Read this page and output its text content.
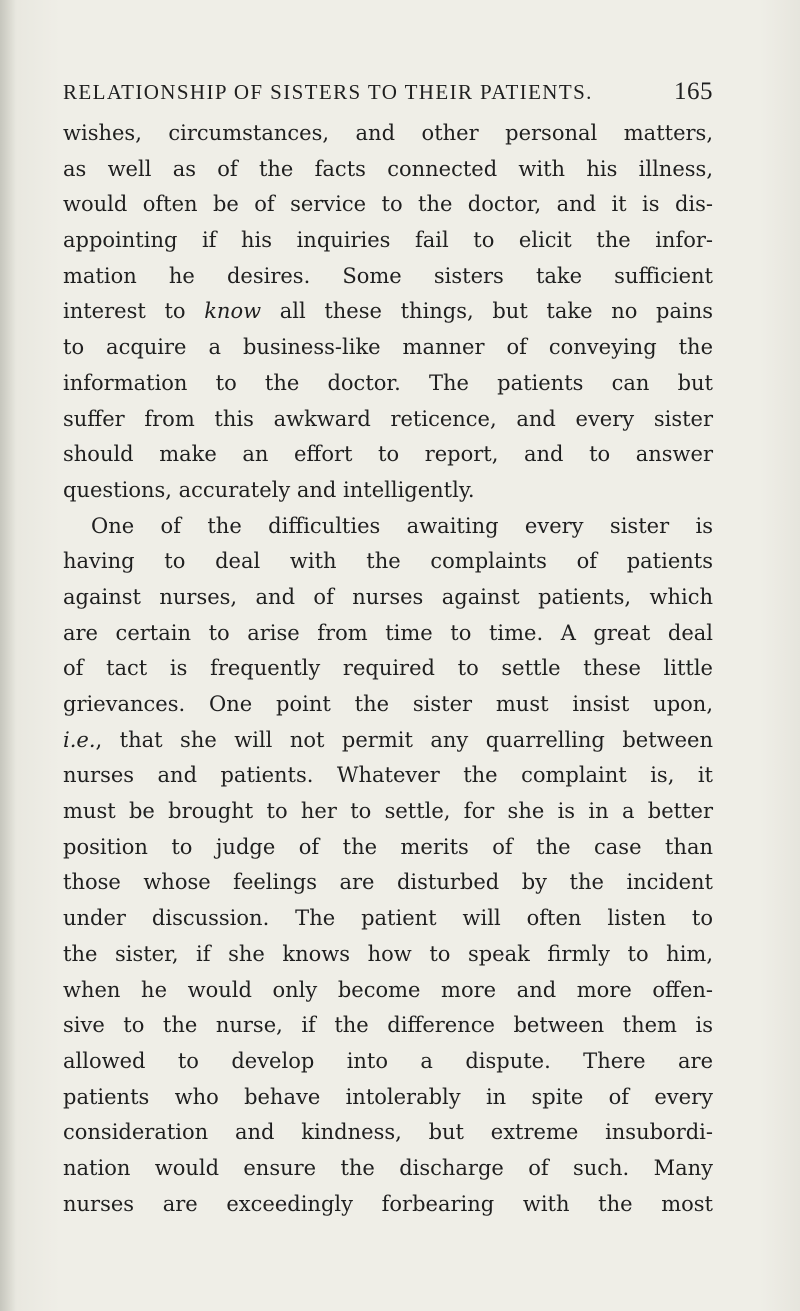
RELATIONSHIP OF SISTERS TO THEIR PATIENTS.	165
wishes, circumstances, and other personal matters,
as well as of the facts connected with his illness,
would often be of service to the doctor, and it is dis-
appointing if his inquiries fail to elicit the infor-
mation he desires. Some sisters take sufficient
interest to know all these things, but take no pains
to acquire a business-like manner of conveying the
information to the doctor. The patients can but
suffer from this awkward reticence, and every sister
should make an effort to report, and to answer
questions, accurately and intelligently.
One of the difficulties awaiting every sister is
having to deal with the complaints of patients
against nurses, and of nurses against patients, which
are certain to arise from time to time. A great deal
of tact is frequently required to settle these little
grievances. One point the sister must insist upon,
i.e., that she will not permit any quarrelling between
nurses and patients. Whatever the complaint is, it
must be brought to her to settle, for she is in a better
position to judge of the merits of the case than
those whose feelings are disturbed by the incident
under discussion. The patient will often listen to
the sister, if she knows how to speak firmly to him,
when he would only become more and more offen-
sive to the nurse, if the difference between them is
allowed to develop into a dispute. There are
patients who behave intolerably in spite of every
consideration and kindness, but extreme insubordi-
nation would ensure the discharge of such. Many
nurses are exceedingly forbearing with the most
